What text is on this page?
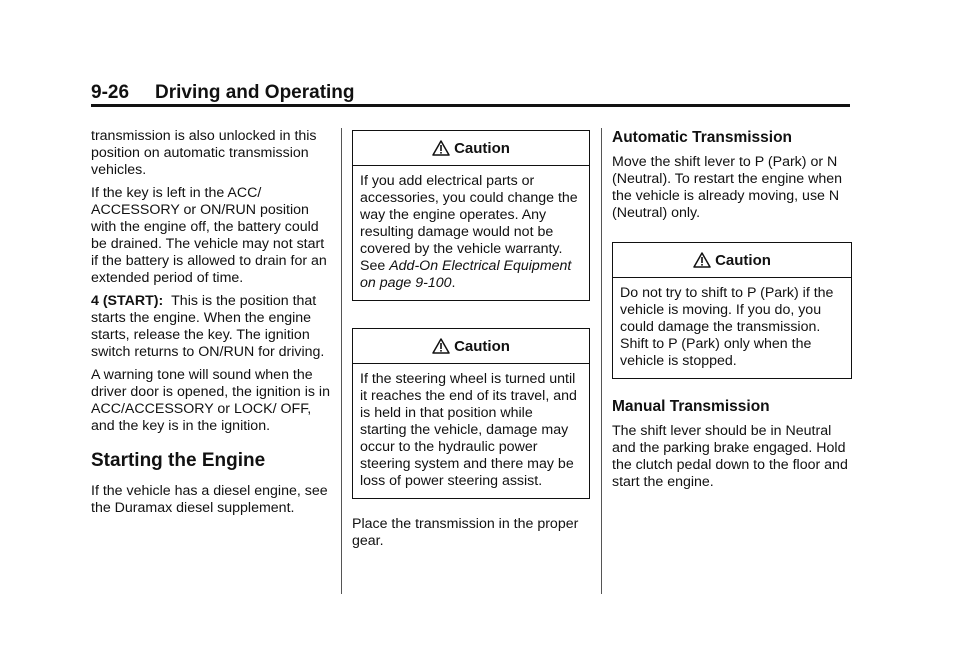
9-26 Driving and Operating

transmission is also unlocked in this position on automatic transmission vehicles.

If the key is left in the ACC/ ACCESSORY or ON/RUN position with the engine off, the battery could be drained. The vehicle may not start if the battery is allowed to drain for an extended period of time.

4 (START): This is the position that starts the engine. When the engine starts, release the key. The ignition switch returns to ON/RUN for driving.

A warning tone will sound when the driver door is opened, the ignition is in ACC/ACCESSORY or LOCK/ OFF, and the key is in the ignition.

Starting the Engine

If the vehicle has a diesel engine, see the Duramax diesel supplement.

Caution

If you add electrical parts or accessories, you could change the way the engine operates. Any resulting damage would not be covered by the vehicle warranty. See Add-On Electrical Equipment on page 9-100.

Caution

If the steering wheel is turned until it reaches the end of its travel, and is held in that position while starting the vehicle, damage may occur to the hydraulic power steering system and there may be loss of power steering assist.

Place the transmission in the proper gear.

Automatic Transmission

Move the shift lever to P (Park) or N (Neutral). To restart the engine when the vehicle is already moving, use N (Neutral) only.

Caution

Do not try to shift to P (Park) if the vehicle is moving. If you do, you could damage the transmission. Shift to P (Park) only when the vehicle is stopped.

Manual Transmission

The shift lever should be in Neutral and the parking brake engaged. Hold the clutch pedal down to the floor and start the engine.
